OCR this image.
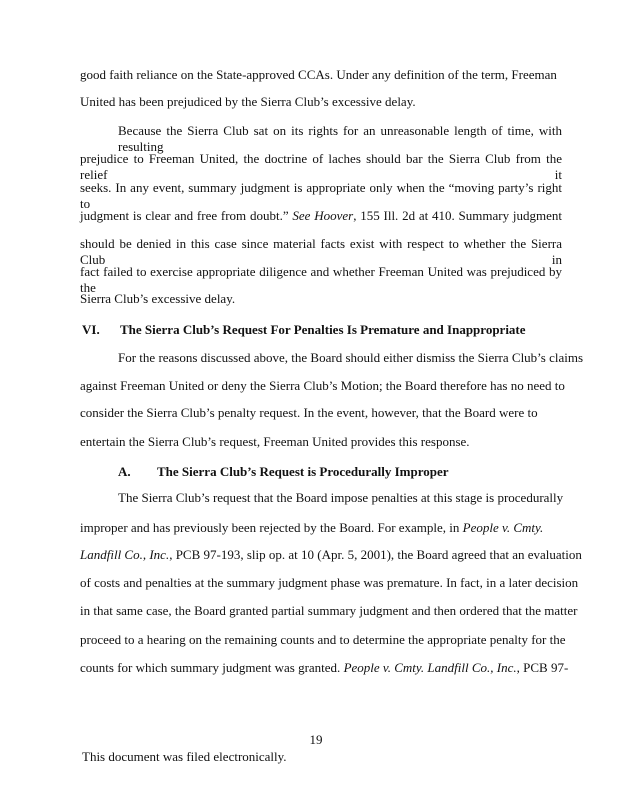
VI. The Sierra Club’s Request For Penalties Is Premature and Inappropriate
A. The Sierra Club’s Request is Procedurally Improper
19
This document was filed electronically.
good faith reliance on the State-approved CCAs. Under any definition of the term, Freeman
United has been prejudiced by the Sierra Club’s excessive delay.
Because the Sierra Club sat on its rights for an unreasonable length of time, with resulting
prejudice to Freeman United, the doctrine of laches should bar the Sierra Club from the relief it
seeks. In any event, summary judgment is appropriate only when the “moving party’s right to
judgment is clear and free from doubt.” See Hoover, 155 Ill. 2d at 410. Summary judgment
should be denied in this case since material facts exist with respect to whether the Sierra Club in
fact failed to exercise appropriate diligence and whether Freeman United was prejudiced by the
Sierra Club’s excessive delay.
For the reasons discussed above, the Board should either dismiss the Sierra Club’s claims
against Freeman United or deny the Sierra Club’s Motion; the Board therefore has no need to
consider the Sierra Club’s penalty request. In the event, however, that the Board were to
entertain the Sierra Club’s request, Freeman United provides this response.
The Sierra Club’s request that the Board impose penalties at this stage is procedurally
improper and has previously been rejected by the Board. For example, in People v. Cmty.
Landfill Co., Inc., PCB 97-193, slip op. at 10 (Apr. 5, 2001), the Board agreed that an evaluation
of costs and penalties at the summary judgment phase was premature. In fact, in a later decision
in that same case, the Board granted partial summary judgment and then ordered that the matter
proceed to a hearing on the remaining counts and to determine the appropriate penalty for the
counts for which summary judgment was granted. People v. Cmty. Landfill Co., Inc., PCB 97-
